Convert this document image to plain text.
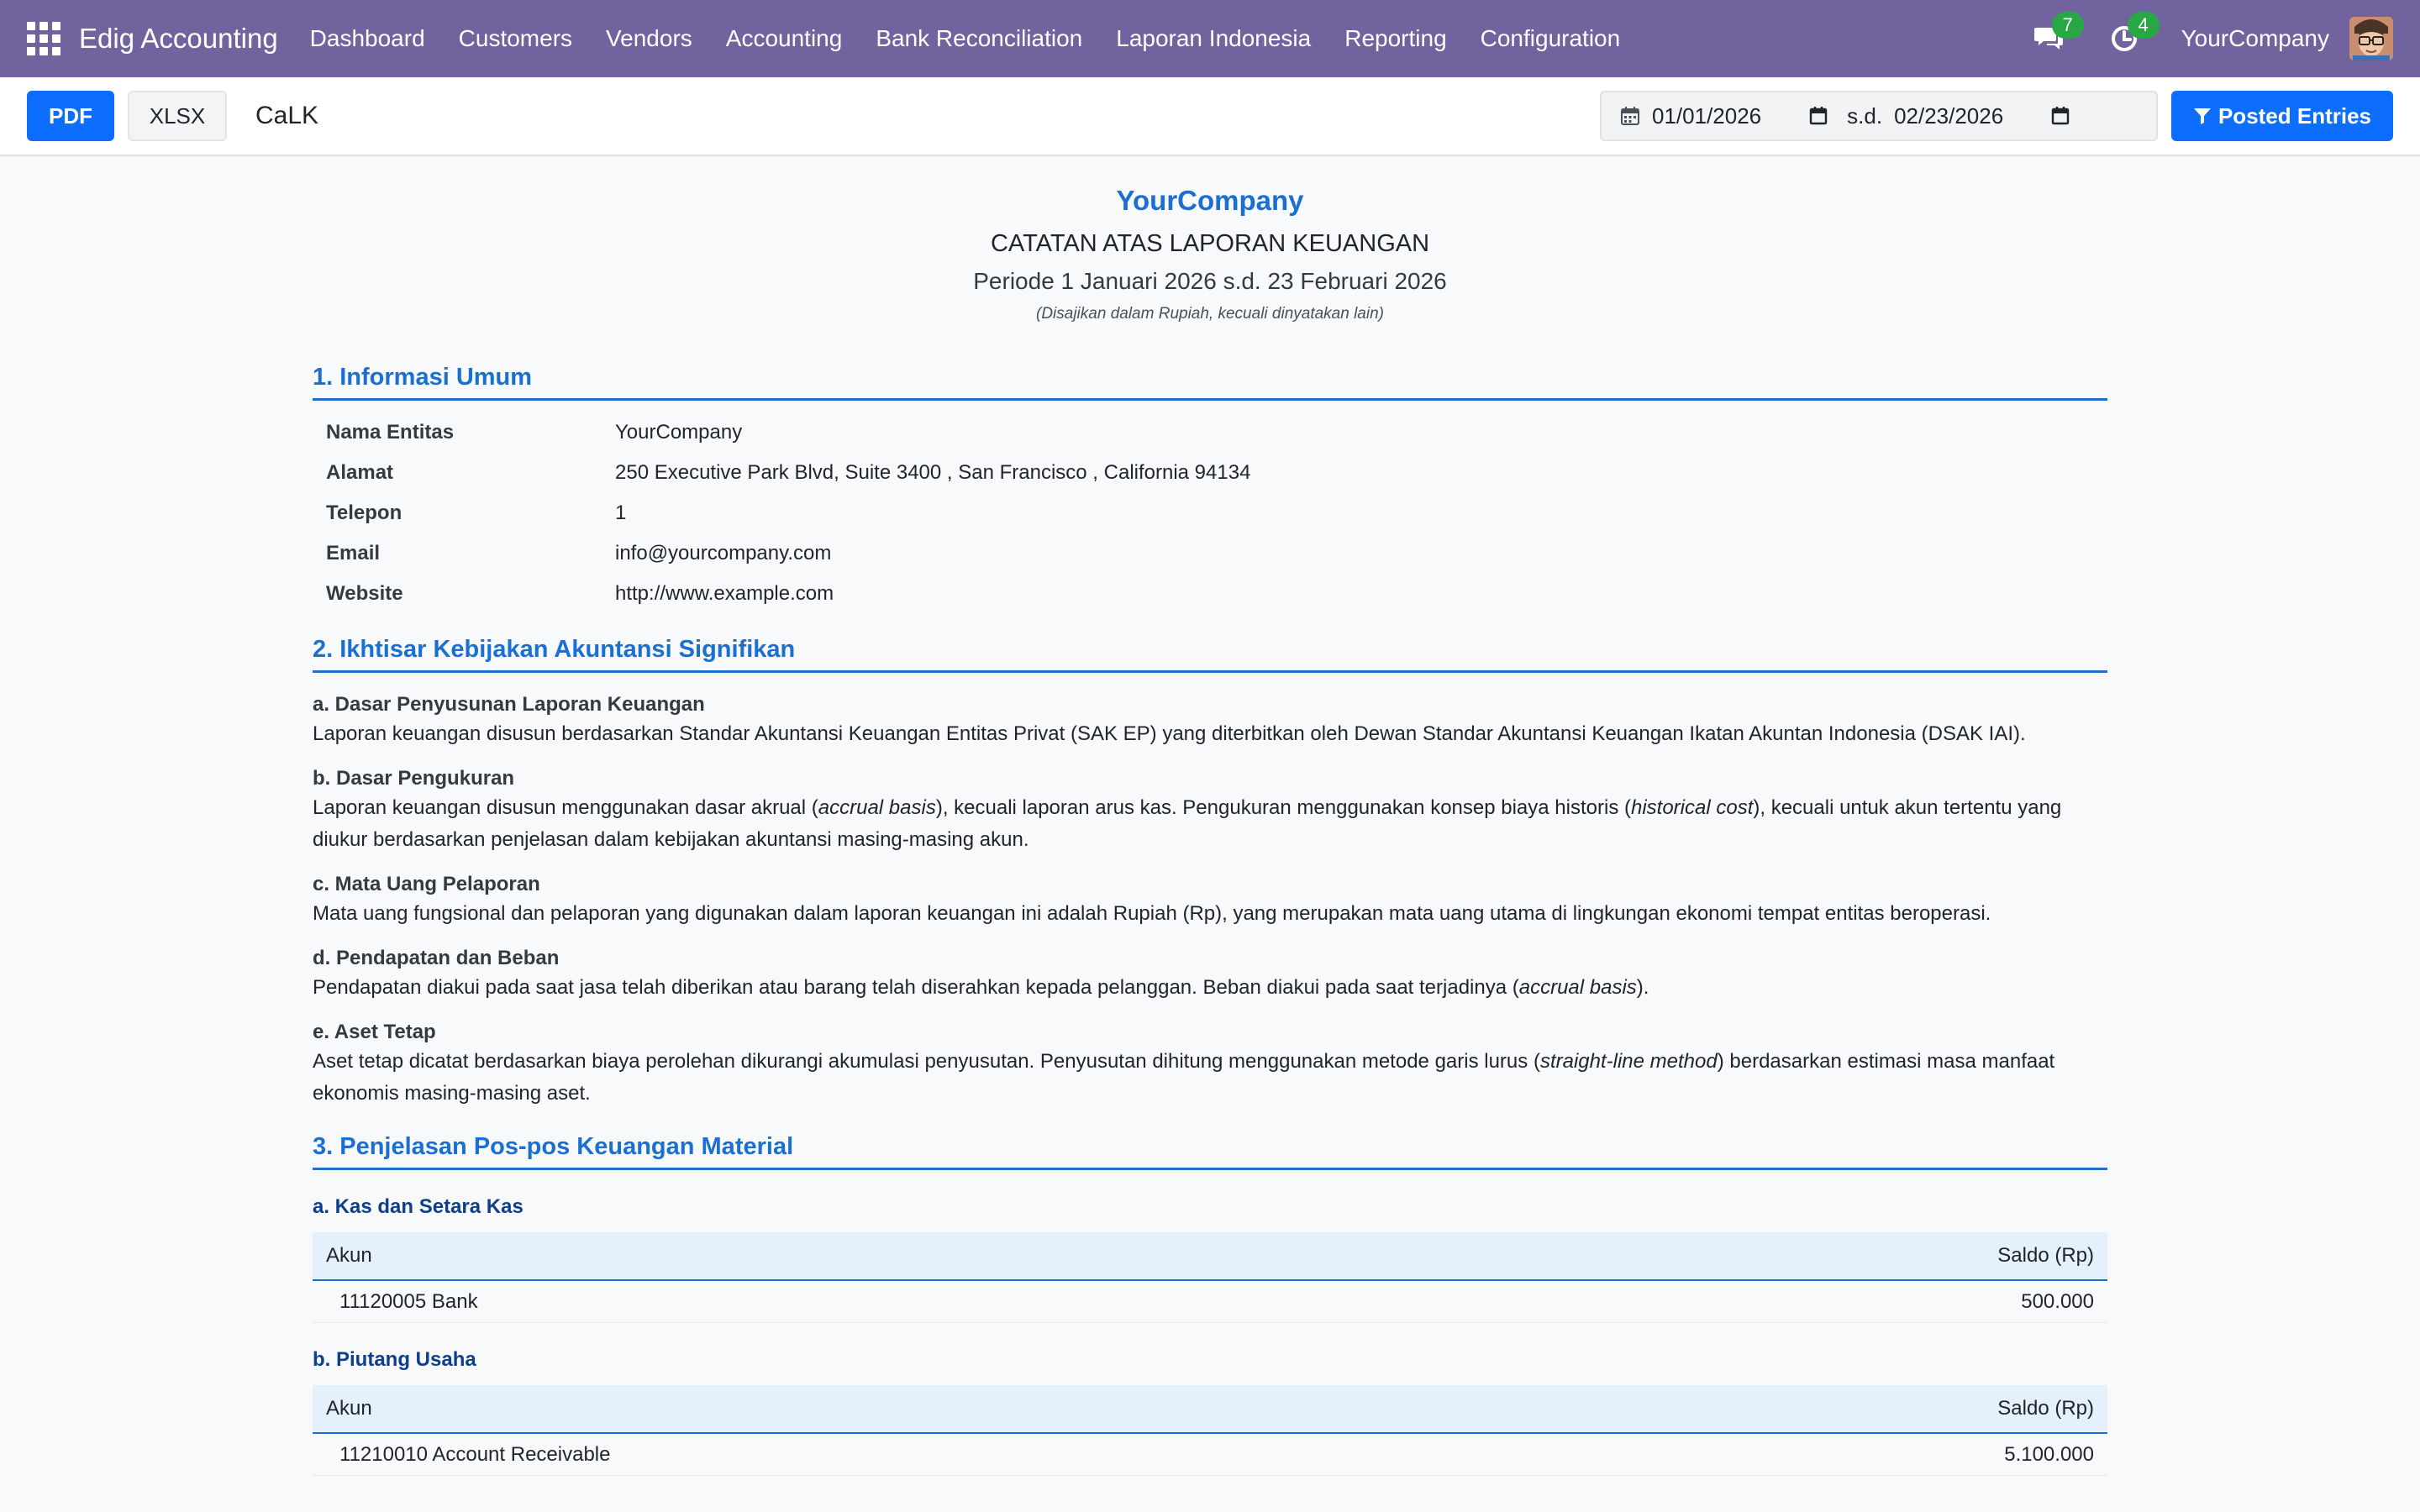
Edig Accounting	Dashboard	Customers	Vendors	Accounting	Bank Reconciliation	Laporan Indonesia	Reporting	Configuration
7	4
YourCompany
PDF	XLSX	CaLK	01/01/2026	s.d. 02/23/2026	Posted Entries
YourCompany
CATATAN ATAS LAPORAN KEUANGAN
Periode 1 Januari 2026 s.d. 23 Februari 2026
(Disajikan dalam Rupiah, kecuali dinyatakan lain)
1. Informasi Umum
Nama Entitas	YourCompany
Alamat	250 Executive Park Blvd, Suite 3400 , San Francisco , California 94134
Telepon	1
Email	info@yourcompany.com
Website	http://www.example.com
2. Ikhtisar Kebijakan Akuntansi Signifikan
a. Dasar Penyusunan Laporan Keuangan
Laporan keuangan disusun berdasarkan Standar Akuntansi Keuangan Entitas Privat (SAK EP) yang diterbitkan oleh Dewan Standar Akuntansi Keuangan Ikatan Akuntan Indonesia (DSAK IAI).
b. Dasar Pengukuran
Laporan keuangan disusun menggunakan dasar akrual (accrual basis), kecuali laporan arus kas. Pengukuran menggunakan konsep biaya historis (historical cost), kecuali untuk akun tertentu yang diukur berdasarkan penjelasan dalam kebijakan akuntansi masing-masing akun.
c. Mata Uang Pelaporan
Mata uang fungsional dan pelaporan yang digunakan dalam laporan keuangan ini adalah Rupiah (Rp), yang merupakan mata uang utama di lingkungan ekonomi tempat entitas beroperasi.
d. Pendapatan dan Beban
Pendapatan diakui pada saat jasa telah diberikan atau barang telah diserahkan kepada pelanggan. Beban diakui pada saat terjadinya (accrual basis).
e. Aset Tetap
Aset tetap dicatat berdasarkan biaya perolehan dikurangi akumulasi penyusutan. Penyusutan dihitung menggunakan metode garis lurus (straight-line method) berdasarkan estimasi masa manfaat ekonomis masing-masing aset.
3. Penjelasan Pos-pos Keuangan Material
a. Kas dan Setara Kas
Akun	Saldo (Rp)
11120005 Bank	500.000
b. Piutang Usaha
Akun	Saldo (Rp)
11210010 Account Receivable	5.100.000
